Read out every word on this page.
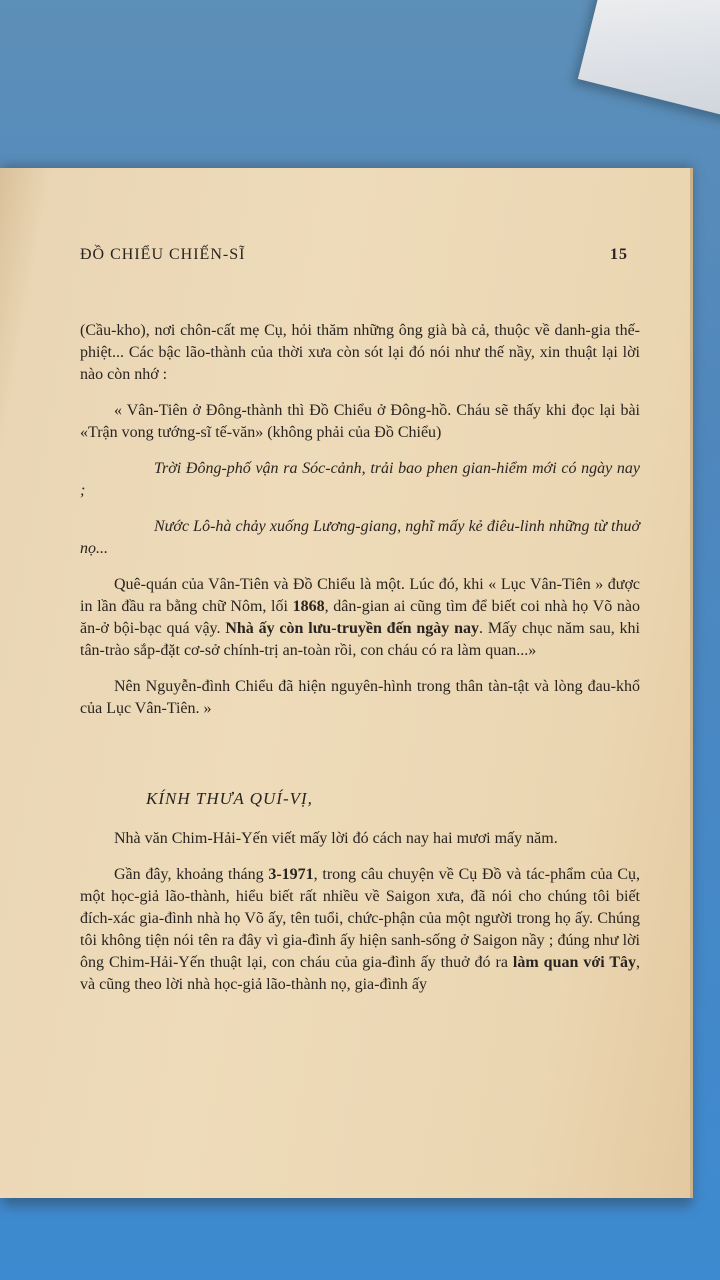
ĐỒ CHIỂU CHIẾN-SĨ	15

(Cầu-kho), nơi chôn-cất mẹ Cụ, hỏi thăm những ông già bà cả, thuộc về danh-gia thế-phiệt... Các bậc lão-thành của thời xưa còn sót lại đó nói như thế nầy, xin thuật lại lời nào còn nhớ :

« Vân-Tiên ở Đông-thành thì Đồ Chiểu ở Đông-hồ. Cháu sẽ thấy khi đọc lại bài «Trận vong tướng-sĩ tế-văn» (không phải của Đồ Chiểu)

Trời Đông-phố vận ra Sóc-cảnh, trải bao phen gian-hiểm mới có ngày nay ;

Nước Lô-hà chảy xuống Lương-giang, nghĩ mấy kẻ điêu-linh những từ thuở nọ...

Quê-quán của Vân-Tiên và Đồ Chiểu là một. Lúc đó, khi « Lục Vân-Tiên » được in lần đầu ra bằng chữ Nôm, lối 1868, dân-gian ai cũng tìm để biết coi nhà họ Võ nào ăn-ở bội-bạc quá vậy. Nhà ấy còn lưu-truyền đến ngày nay. Mấy chục năm sau, khi tân-trào sắp-đặt cơ-sở chính-trị an-toàn rồi, con cháu có ra làm quan...»

Nên Nguyễn-đình Chiểu đã hiện nguyên-hình trong thân tàn-tật và lòng đau-khổ của Lục Vân-Tiên. »

KÍNH THƯA QUÍ-VỊ,

Nhà văn Chim-Hải-Yến viết mấy lời đó cách nay hai mươi mấy năm.

Gần đây, khoảng tháng 3-1971, trong câu chuyện về Cụ Đồ và tác-phẩm của Cụ, một học-giả lão-thành, hiểu biết rất nhiều về Saigon xưa, đã nói cho chúng tôi biết đích-xác gia-đình nhà họ Võ ấy, tên tuổi, chức-phận của một người trong họ ấy. Chúng tôi không tiện nói tên ra đây vì gia-đình ấy hiện sanh-sống ở Saigon nầy ; đúng như lời ông Chim-Hải-Yến thuật lại, con cháu của gia-đình ấy thuở đó ra làm quan với Tây, và cũng theo lời nhà học-giả lão-thành nọ, gia-đình ấy
